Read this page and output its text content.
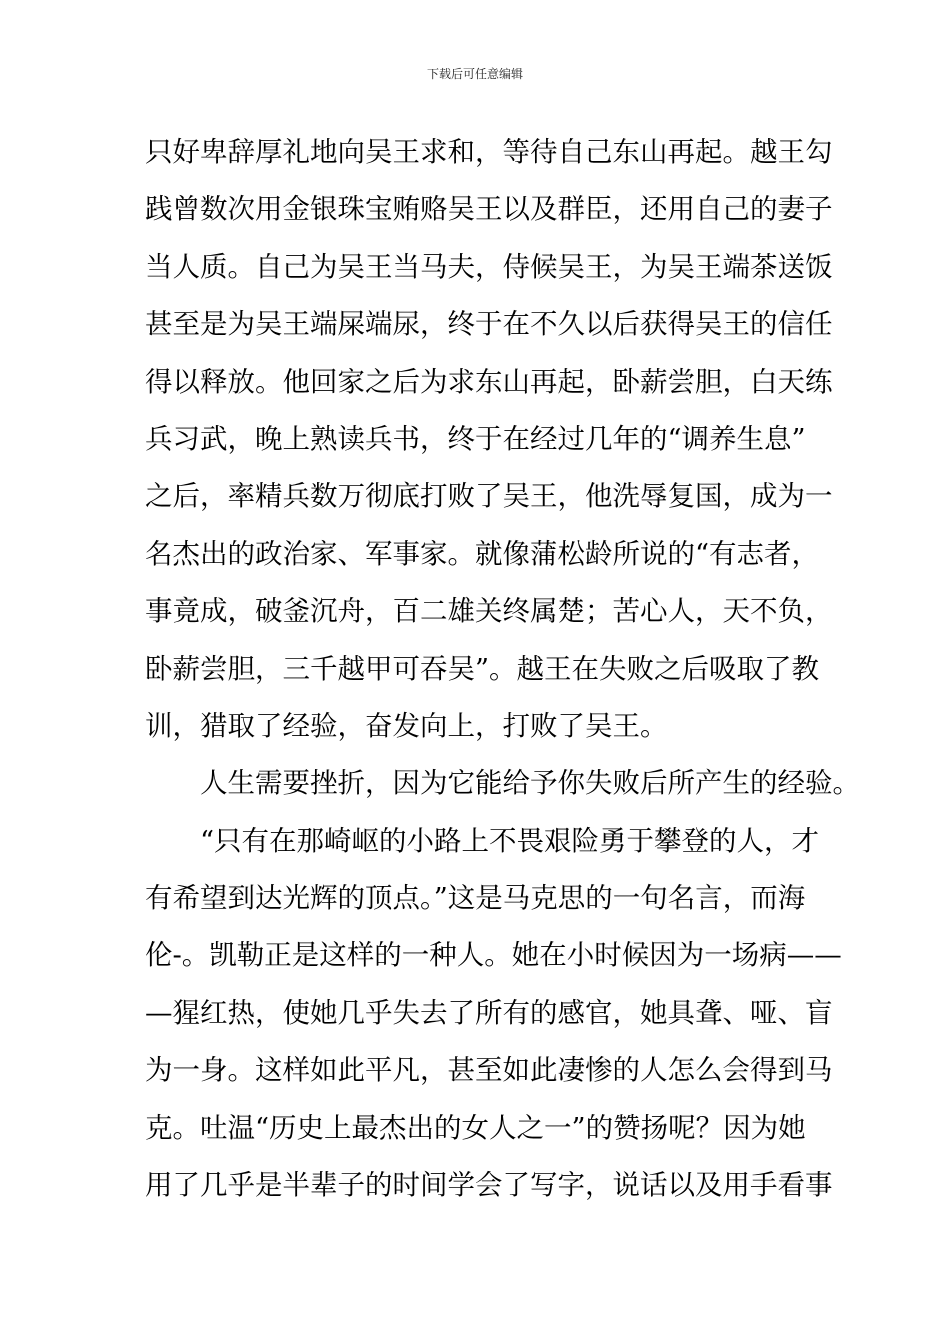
下载后可任意编辑
只好卑辞厚礼地向吴王求和，等待自己东山再起。越王勾
践曾数次用金银珠宝贿赂吴王以及群臣，还用自己的妻子
当人质。自己为吴王当马夫，侍候吴王，为吴王端茶送饭
甚至是为吴王端屎端尿，终于在不久以后获得吴王的信任
得以释放。他回家之后为求东山再起，卧薪尝胆，白天练
兵习武，晚上熟读兵书，终于在经过几年的“调养生息”
之后，率精兵数万彻底打败了吴王，他洗辱复国，成为一
名杰出的政治家、军事家。就像蒲松龄所说的“有志者，
事竟成，破釜沉舟，百二雄关终属楚；苦心人，天不负，
卧薪尝胆，三千越甲可吞吴”。越王在失败之后吸取了教
训，猎取了经验，奋发向上，打败了吴王。
人生需要挫折，因为它能给予你失败后所产生的经验。
“只有在那崎岖的小路上不畏艰险勇于攀登的人，才
有希望到达光辉的顶点。”这是马克思的一句名言，而海
伦-。凯勒正是这样的一种人。她在小时候因为一场病——
—猩红热，使她几乎失去了所有的感官，她具聋、哑、盲
为一身。这样如此平凡，甚至如此凄惨的人怎么会得到马
克。吐温“历史上最杰出的女人之一”的赞扬呢？因为她
用了几乎是半辈子的时间学会了写字，说话以及用手看事
